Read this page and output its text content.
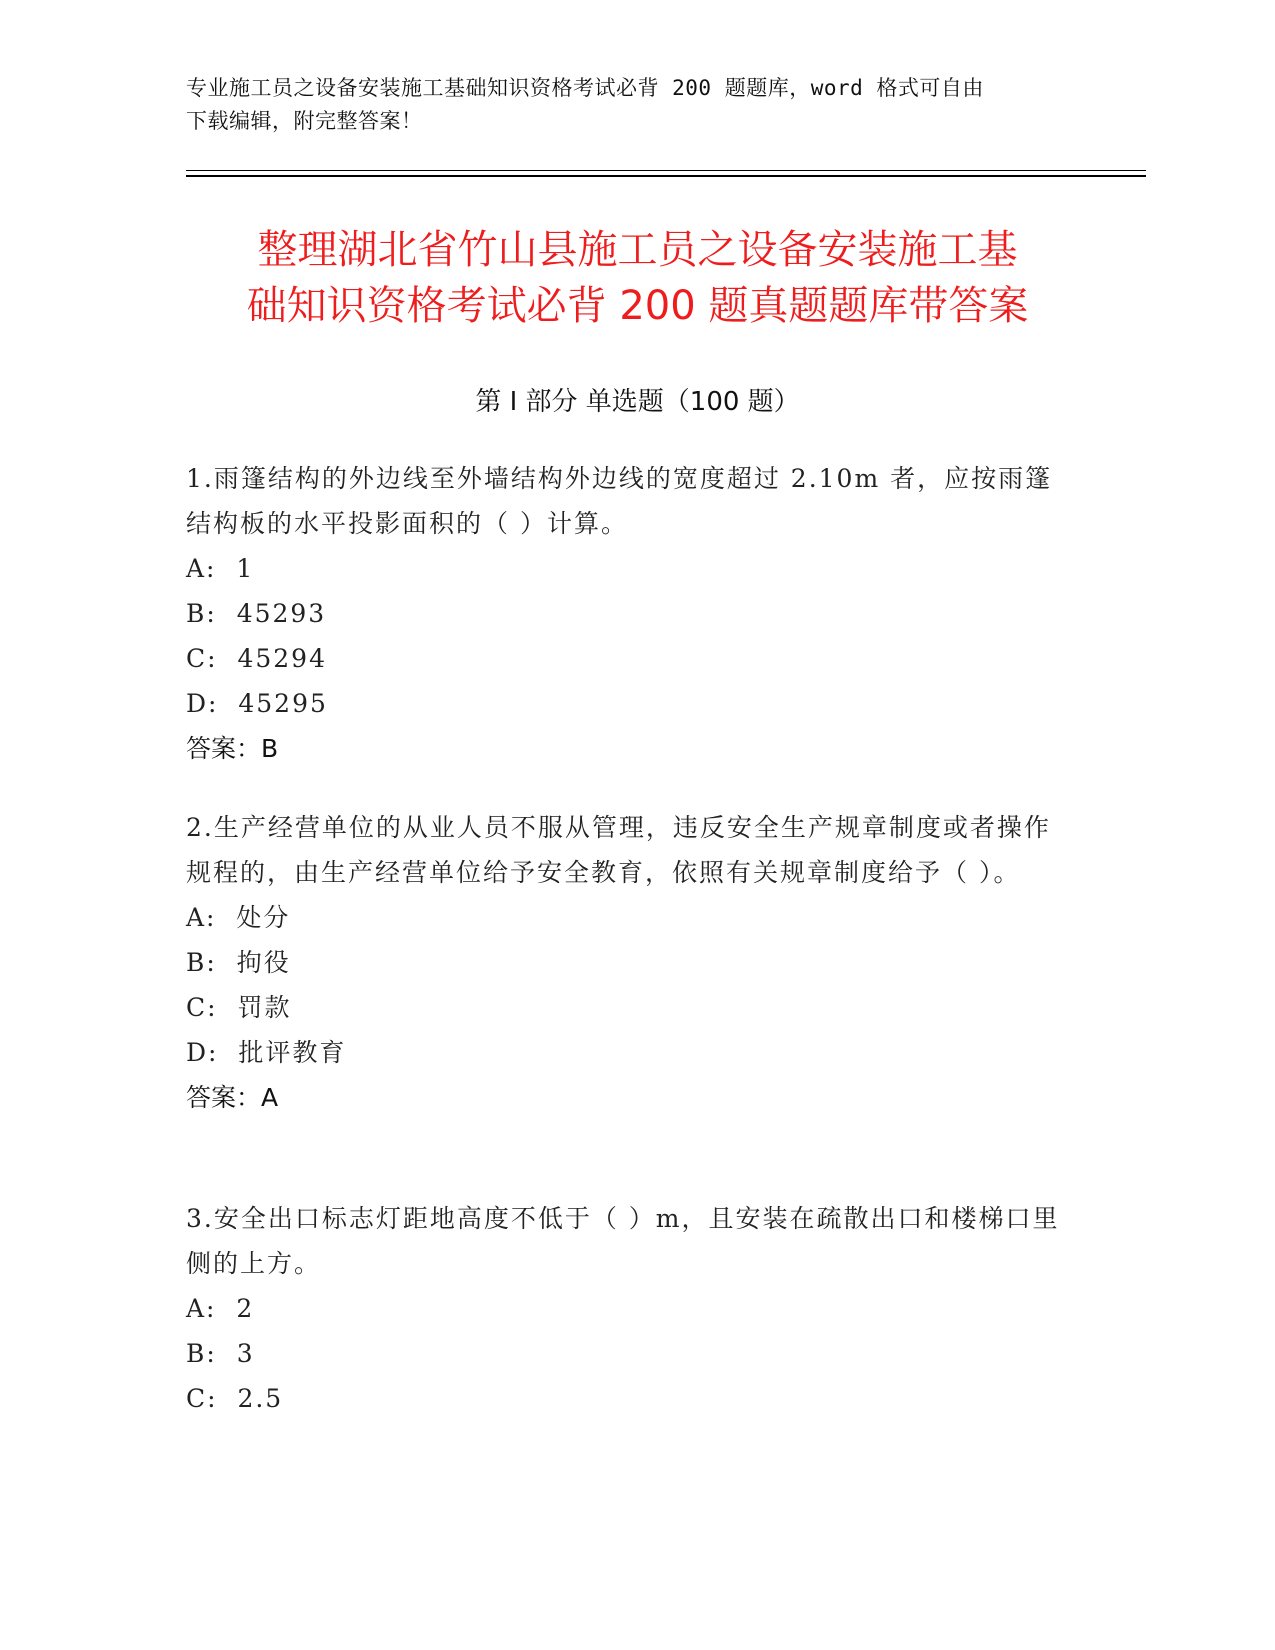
专业施工员之设备安装施工基础知识资格考试必背 200 题题库，word 格式可自由
下载编辑，附完整答案！
整理湖北省竹山县施工员之设备安装施工基
础知识资格考试必背 200 题真题题库带答案
第 I 部分 单选题（100 题）

1.雨篷结构的外边线至外墙结构外边线的宽度超过 2.10m 者，应按雨篷结构板的水平投影面积的（ ）计算。

A:  1

B:  45293

C:  45294

D:  45295

答案：B

2.生产经营单位的从业人员不服从管理，违反安全生产规章制度或者操作规程的，由生产经营单位给予安全教育，依照有关规章制度给予（ ）。

A:  处分

B:  拘役

C:  罚款

D:  批评教育

答案：A

3.安全出口标志灯距地高度不低于（ ）m，且安装在疏散出口和楼梯口里侧的上方。

A:  2

B:  3

C:  2.5
